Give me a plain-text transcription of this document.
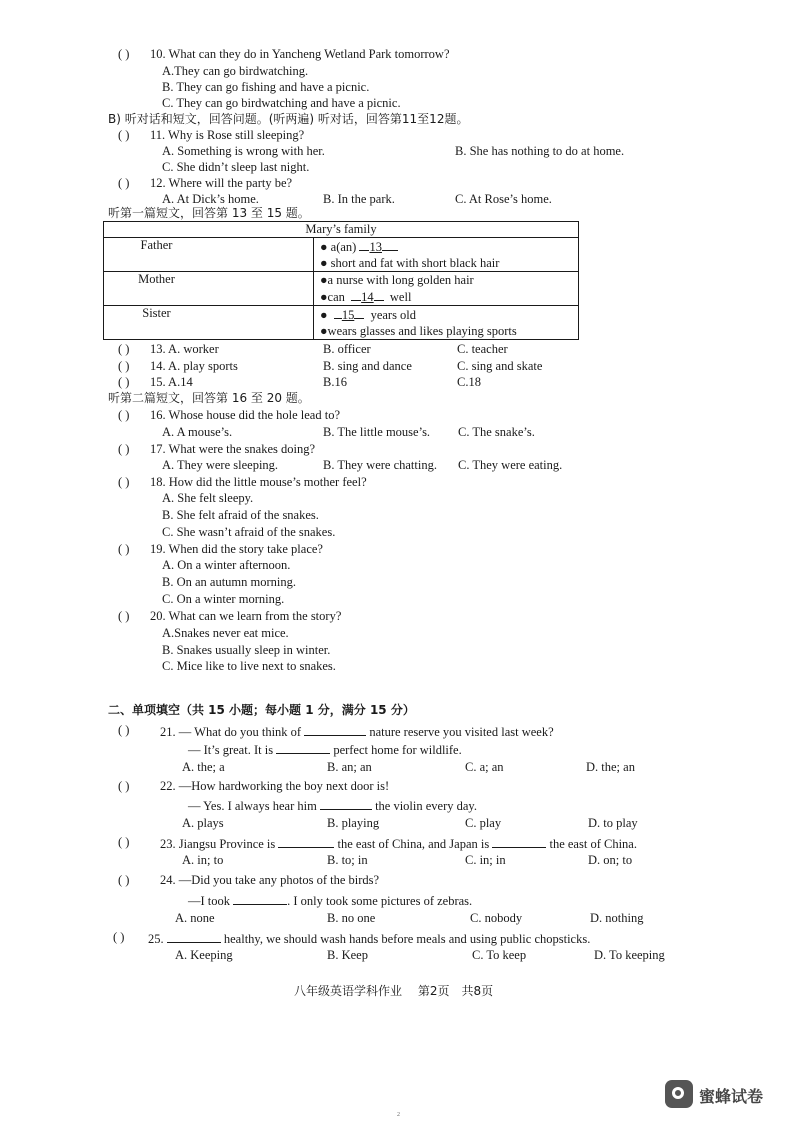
( ) 10. What can they do in Yancheng Wetland Park tomorrow?
A.They can go birdwatching.
B. They can go fishing and have a picnic.
C. They can go birdwatching and have a picnic.
B) 听对话和短文，回答问题。(听两遍) 听对话，回答第11至12题。
( ) 11. Why is Rose still sleeping?
A. Something is wrong with her.	B. She has nothing to do at home.
C. She didn’t sleep last night.
( ) 12. Where will the party be?
A. At Dick’s home.	B. In the park.	C. At Rose’s home.
听第一篇短文，回答第 13 至 15 题。
Mary’s family	
Father	● a(an) 13
● short and fat with short black hair

Mother	●a nurse with long golden hair
●can 14 well

Sister	● 15 years old
●wears glasses and likes playing sports
( ) 13. A. worker	B. officer	C. teacher
( ) 14. A. play sports	B. sing and dance	C. sing and skate
( ) 15. A.14	B.16	C.18
听第二篇短文，回答第 16 至 20 题。
( ) 16. Whose house did the hole lead to?
A. A mouse’s.	B. The little mouse’s. C. The snake’s.
( ) 17. What were the snakes doing?
A. They were sleeping.	B. They were chatting. C. They were eating.
( ) 18. How did the little mouse’s mother feel?
A. She felt sleepy.
B. She felt afraid of the snakes.
C. She wasn’t afraid of the snakes.
( ) 19. When did the story take place?
A. On a winter afternoon.
B. On an autumn morning.
C. On a winter morning.
( ) 20. What can we learn from the story?
A.Snakes never eat mice.
B. Snakes usually sleep in winter.
C. Mice like to live next to snakes.
二、单项填空（共 15 小题；每小题 1 分，满分 15 分）
( ) 21. — What do you think of	nature reserve you visited last week?
— It’s great. It is	perfect home for wildlife.
A. the; a	B. an; an	C. a; an	D. the; an
( ) 22. —How hardworking the boy next door is!
— Yes. I always hear him	the violin every day.
A. plays	B. playing	C. play	D. to play
( ) 23. Jiangsu Province is	the east of China, and Japan is	the east of China.
A. in; to	B. to; in	C. in; in	D. on; to
( ) 24. —Did you take any photos of the birds?
—I took	. I only took some pictures of zebras.
A. none	B. no one	C. nobody	D. nothing
( ) 25.	healthy, we should wash hands before meals and using public chopsticks.
A. Keeping	B. Keep	C. To keep	D. To keeping
八年级英语学科作业　 第2页　共8页
蜜蜂试卷
2
